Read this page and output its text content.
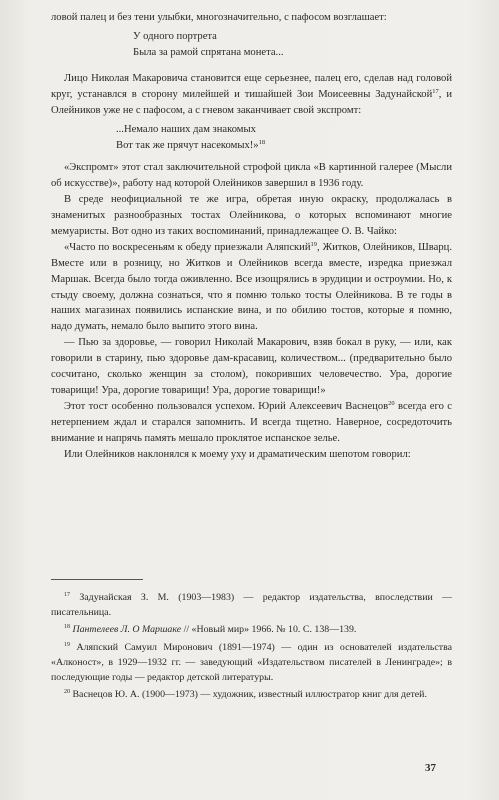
ловой палец и без тени улыбки, многозначительно, с пафосом возглашает:

У одного портрета
Была за рамой спрятана монета...

Лицо Николая Макаровича становится еще серьезнее, палец его, сделав над головой круг, устанавлся в сторону милейшей и тишайшей Зои Моисеевны Задунайской$^{17}$, и Олейников уже не с пафосом, а с гневом заканчивает свой экспромт:

...Немало наших дам знакомых
Вот так же прячут насекомых!»$^{18}$

«Экспромт» этот стал заключительной строфой цикла «В картинной галерее (Мысли об искусстве)», работу над которой Олейников завершил в 1936 году.

В среде неофициальной те же игра, обретая иную окраску, продолжалась в знаменитых разнообразных тостах Олейникова, о которых вспоминают многие мемуаристы. Вот одно из таких воспоминаний, принадлежащее О. В. Чайко:

«Часто по воскресеньям к обеду приезжали Аляпский$^{19}$, Житков, Олейников, Шварц. Вместе или в розницу, но Житков и Олейников всегда вместе, изредка приезжал Маршак. Всегда было тогда оживленно. Все изощрялись в эрудиции и остроумии. Но, к стыду своему, должна сознаться, что я помню только тосты Олейникова. В те годы в наших магазинах появились испанские вина, и по обилию тостов, которые я помню, надо думать, немало было выпито этого вина.

— Пью за здоровье, — говорил Николай Макарович, взяв бокал в руку, — или, как говорили в старину, пью здоровье дам-красавиц, количеством... (предварительно было сосчитано, сколько женщин за столом), покоривших человечество. Ура, дорогие товарищи! Ура, дорогие товарищи! Ура, дорогие товарищи!»

Этот тост особенно пользовался успехом. Юрий Алексеевич Васнецов$^{20}$ всегда его с нетерпением ждал и старался запомнить. И всегда тщетно. Наверное, сосредоточить внимание и напрячь память мешало проклятое испанское зелье.

Или Олейников наклонялся к моему уху и драматическим шепотом говорил:

$^{17}$ Задунайская З. М. (1903—1983) — редактор издательства, впоследствии — писательница.

$^{18}$ Пантелеев Л. О Маршаке // «Новый мир» 1966. № 10. С. 138—139.

$^{19}$ Аляпский Самуил Миронович (1891—1974) — один из основателей издательства «Алконост», в 1929—1932 гг. — заведующий «Издательством писателей в Ленинграде»; в последующие годы — редактор детской литературы.

$^{20}$ Васнецов Ю. А. (1900—1973) — художник, известный иллюстратор книг для детей.

37
